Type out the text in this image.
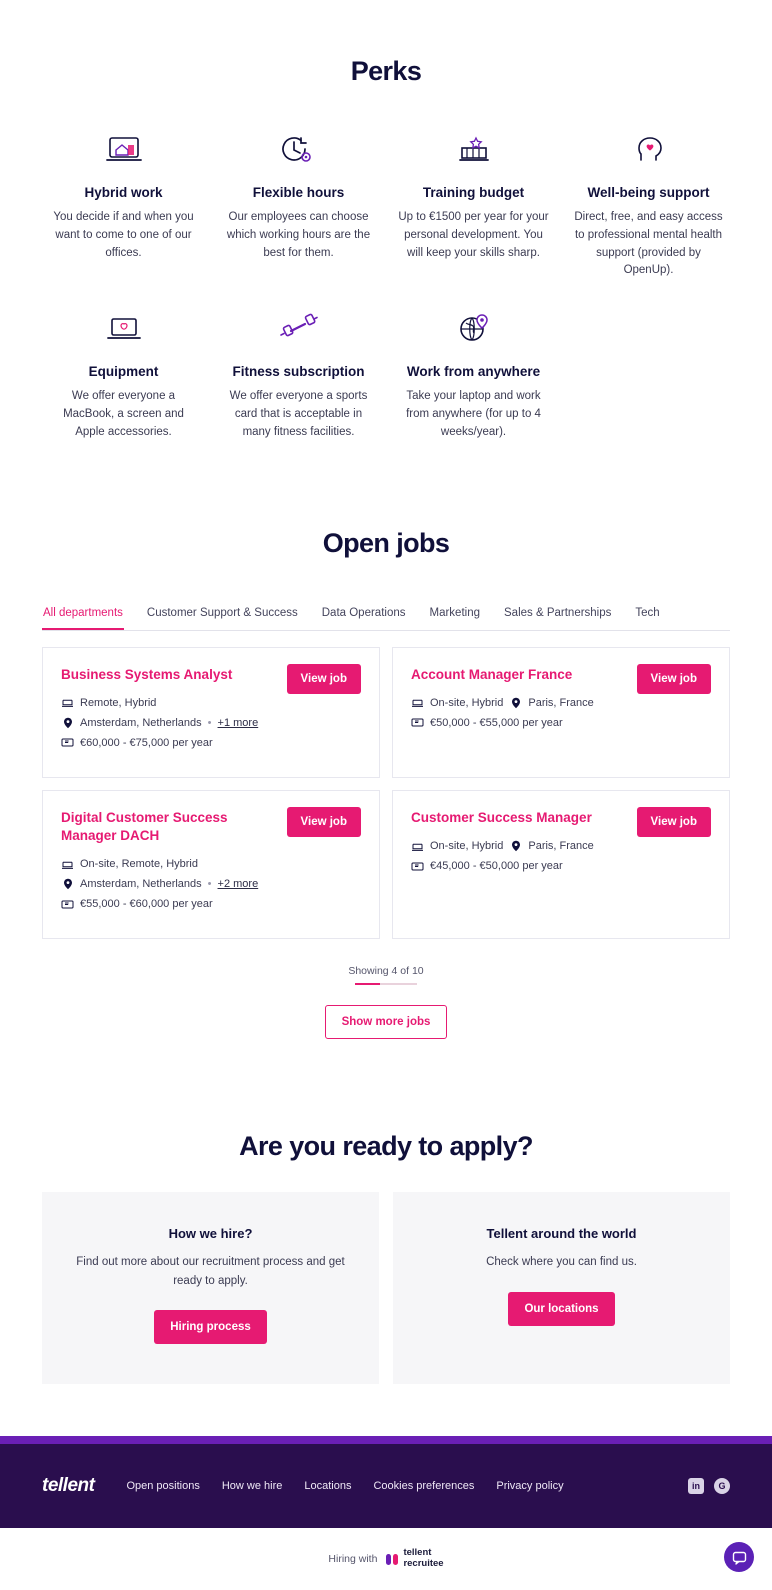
Perks
Hybrid work
You decide if and when you want to come to one of our offices.
Flexible hours
Our employees can choose which working hours are the best for them.
Training budget
Up to €1500 per year for your personal development. You will keep your skills sharp.
Well-being support
Direct, free, and easy access to professional mental health support (provided by OpenUp).
Equipment
We offer everyone a MacBook, a screen and Apple accessories.
Fitness subscription
We offer everyone a sports card that is acceptable in many fitness facilities.
Work from anywhere
Take your laptop and work from anywhere (for up to 4 weeks/year).
Open jobs
All departments Customer Support & Success Data Operations Marketing Sales & Partnerships Tech
Business Systems Analyst	View job
Remote, Hybrid
Amsterdam, Netherlands • +1 more
€60,000 - €75,000 per year
Account Manager France	View job
On-site, Hybrid Paris, France
€50,000 - €55,000 per year
Digital Customer Success Manager DACH
View job
On-site, Remote, Hybrid
Amsterdam, Netherlands • +2 more
€55,000 - €60,000 per year
Customer Success Manager	View job
On-site, Hybrid Paris, France
€45,000 - €50,000 per year
Showing 4 of 10
Show more jobs
Are you ready to apply?
How we hire?

Find out more about our recruitment process and get ready to apply.

Hiring process
Tellent around the world

Check where you can find us.

Our locations
tellent	Open positions How we hire Locations Cookies preferences Privacy policy	in	G
Hiring with
tellent
recruitee
